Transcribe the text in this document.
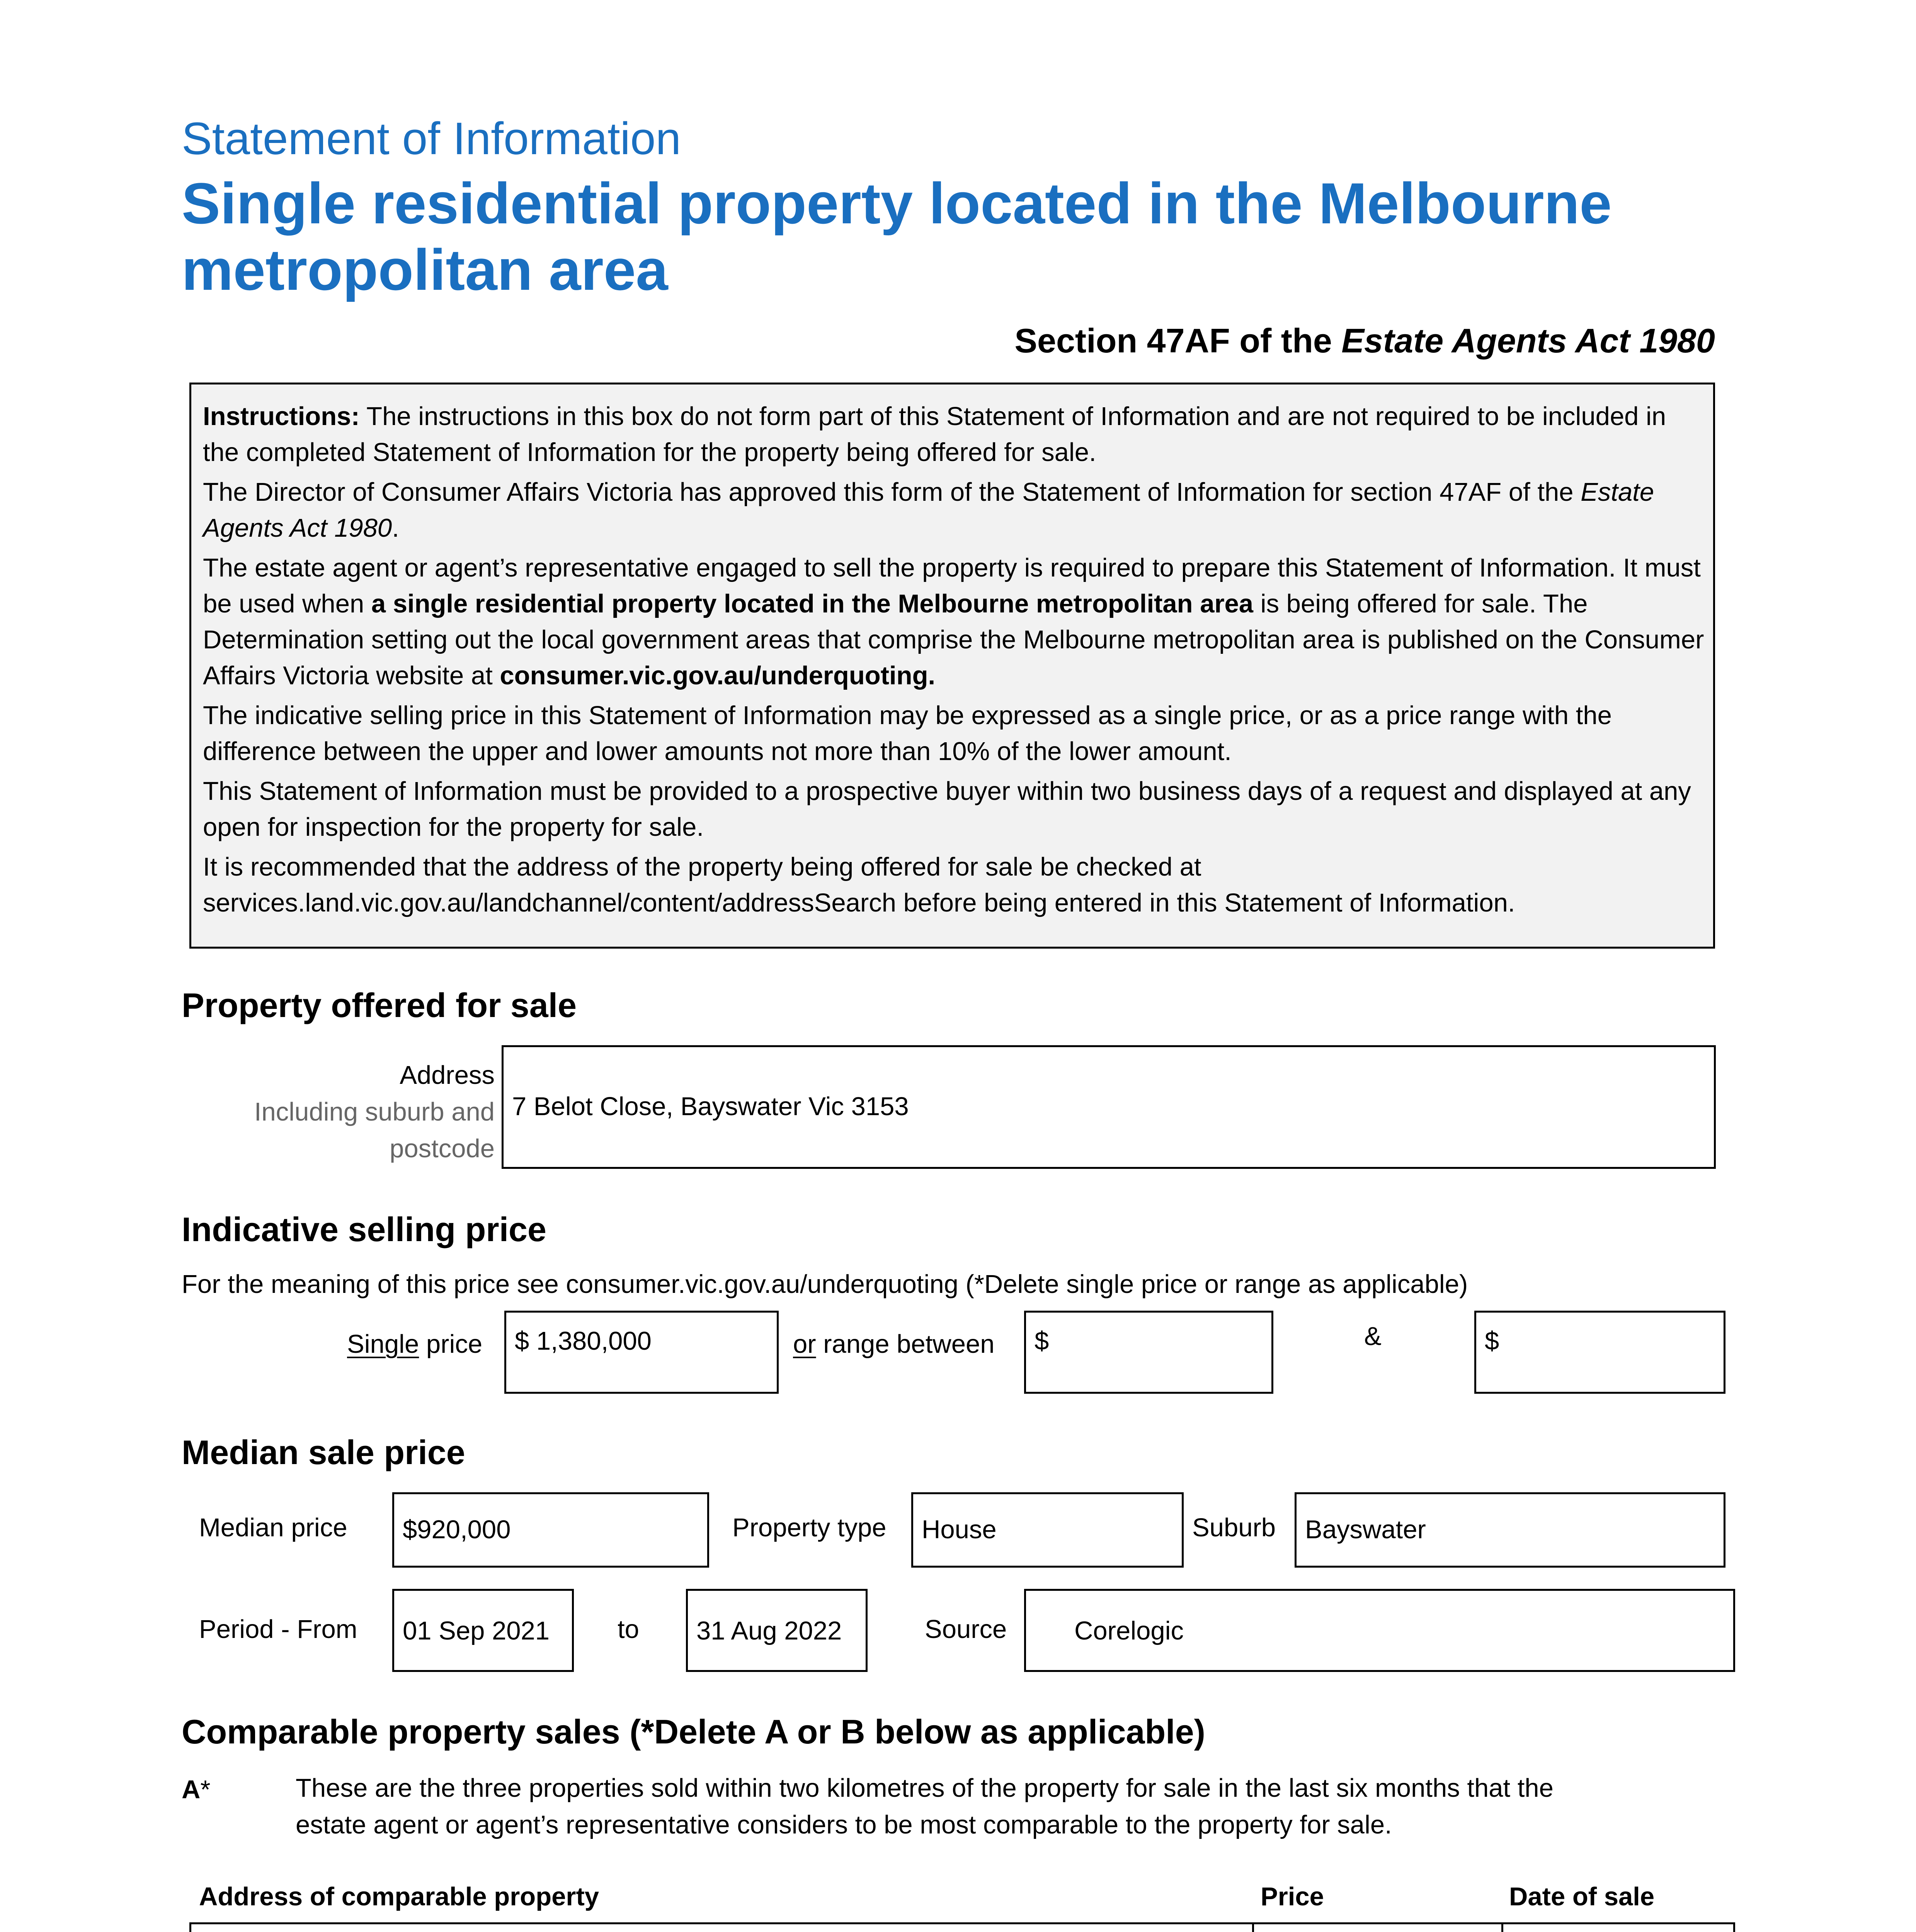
Statement of Information
Single residential property located in the Melbourne
metropolitan area
Section 47AF of the Estate Agents Act 1980

Instructions: The instructions in this box do not form part of this Statement of Information and are not required to be included in the completed Statement of Information for the property being offered for sale.

The Director of Consumer Affairs Victoria has approved this form of the Statement of Information for section 47AF of the Estate Agents Act 1980.

The estate agent or agent’s representative engaged to sell the property is required to prepare this Statement of Information. It must be used when a single residential property located in the Melbourne metropolitan area is being offered for sale. The Determination setting out the local government areas that comprise the Melbourne metropolitan area is published on the Consumer Affairs Victoria website at consumer.vic.gov.au/underquoting.

The indicative selling price in this Statement of Information may be expressed as a single price, or as a price range with the difference between the upper and lower amounts not more than 10% of the lower amount.

This Statement of Information must be provided to a prospective buyer within two business days of a request and displayed at any open for inspection for the property for sale.

It is recommended that the address of the property being offered for sale be checked at services.land.vic.gov.au/landchannel/content/addressSearch before being entered in this Statement of Information.

Property offered for sale
Address
Including suburb and
postcode
7 Belot Close, Bayswater Vic 3153
Indicative selling price
For the meaning of this price see consumer.vic.gov.au/underquoting (*Delete single price or range as applicable)
Single price $ 1,380,000	or range between $	&	$
Median sale price
Median price $920,000	Property type House	Suburb Bayswater
Period - From 01 Sep 2021	to 31 Aug 2022	Source	Corelogic
Comparable property sales (*Delete A or B below as applicable)
A*	These are the three properties sold within two kilometres of the property for sale in the last six months that the
estate agent or agent’s representative considers to be most comparable to the property for sale.
Address of comparable property	Price	Date of sale
